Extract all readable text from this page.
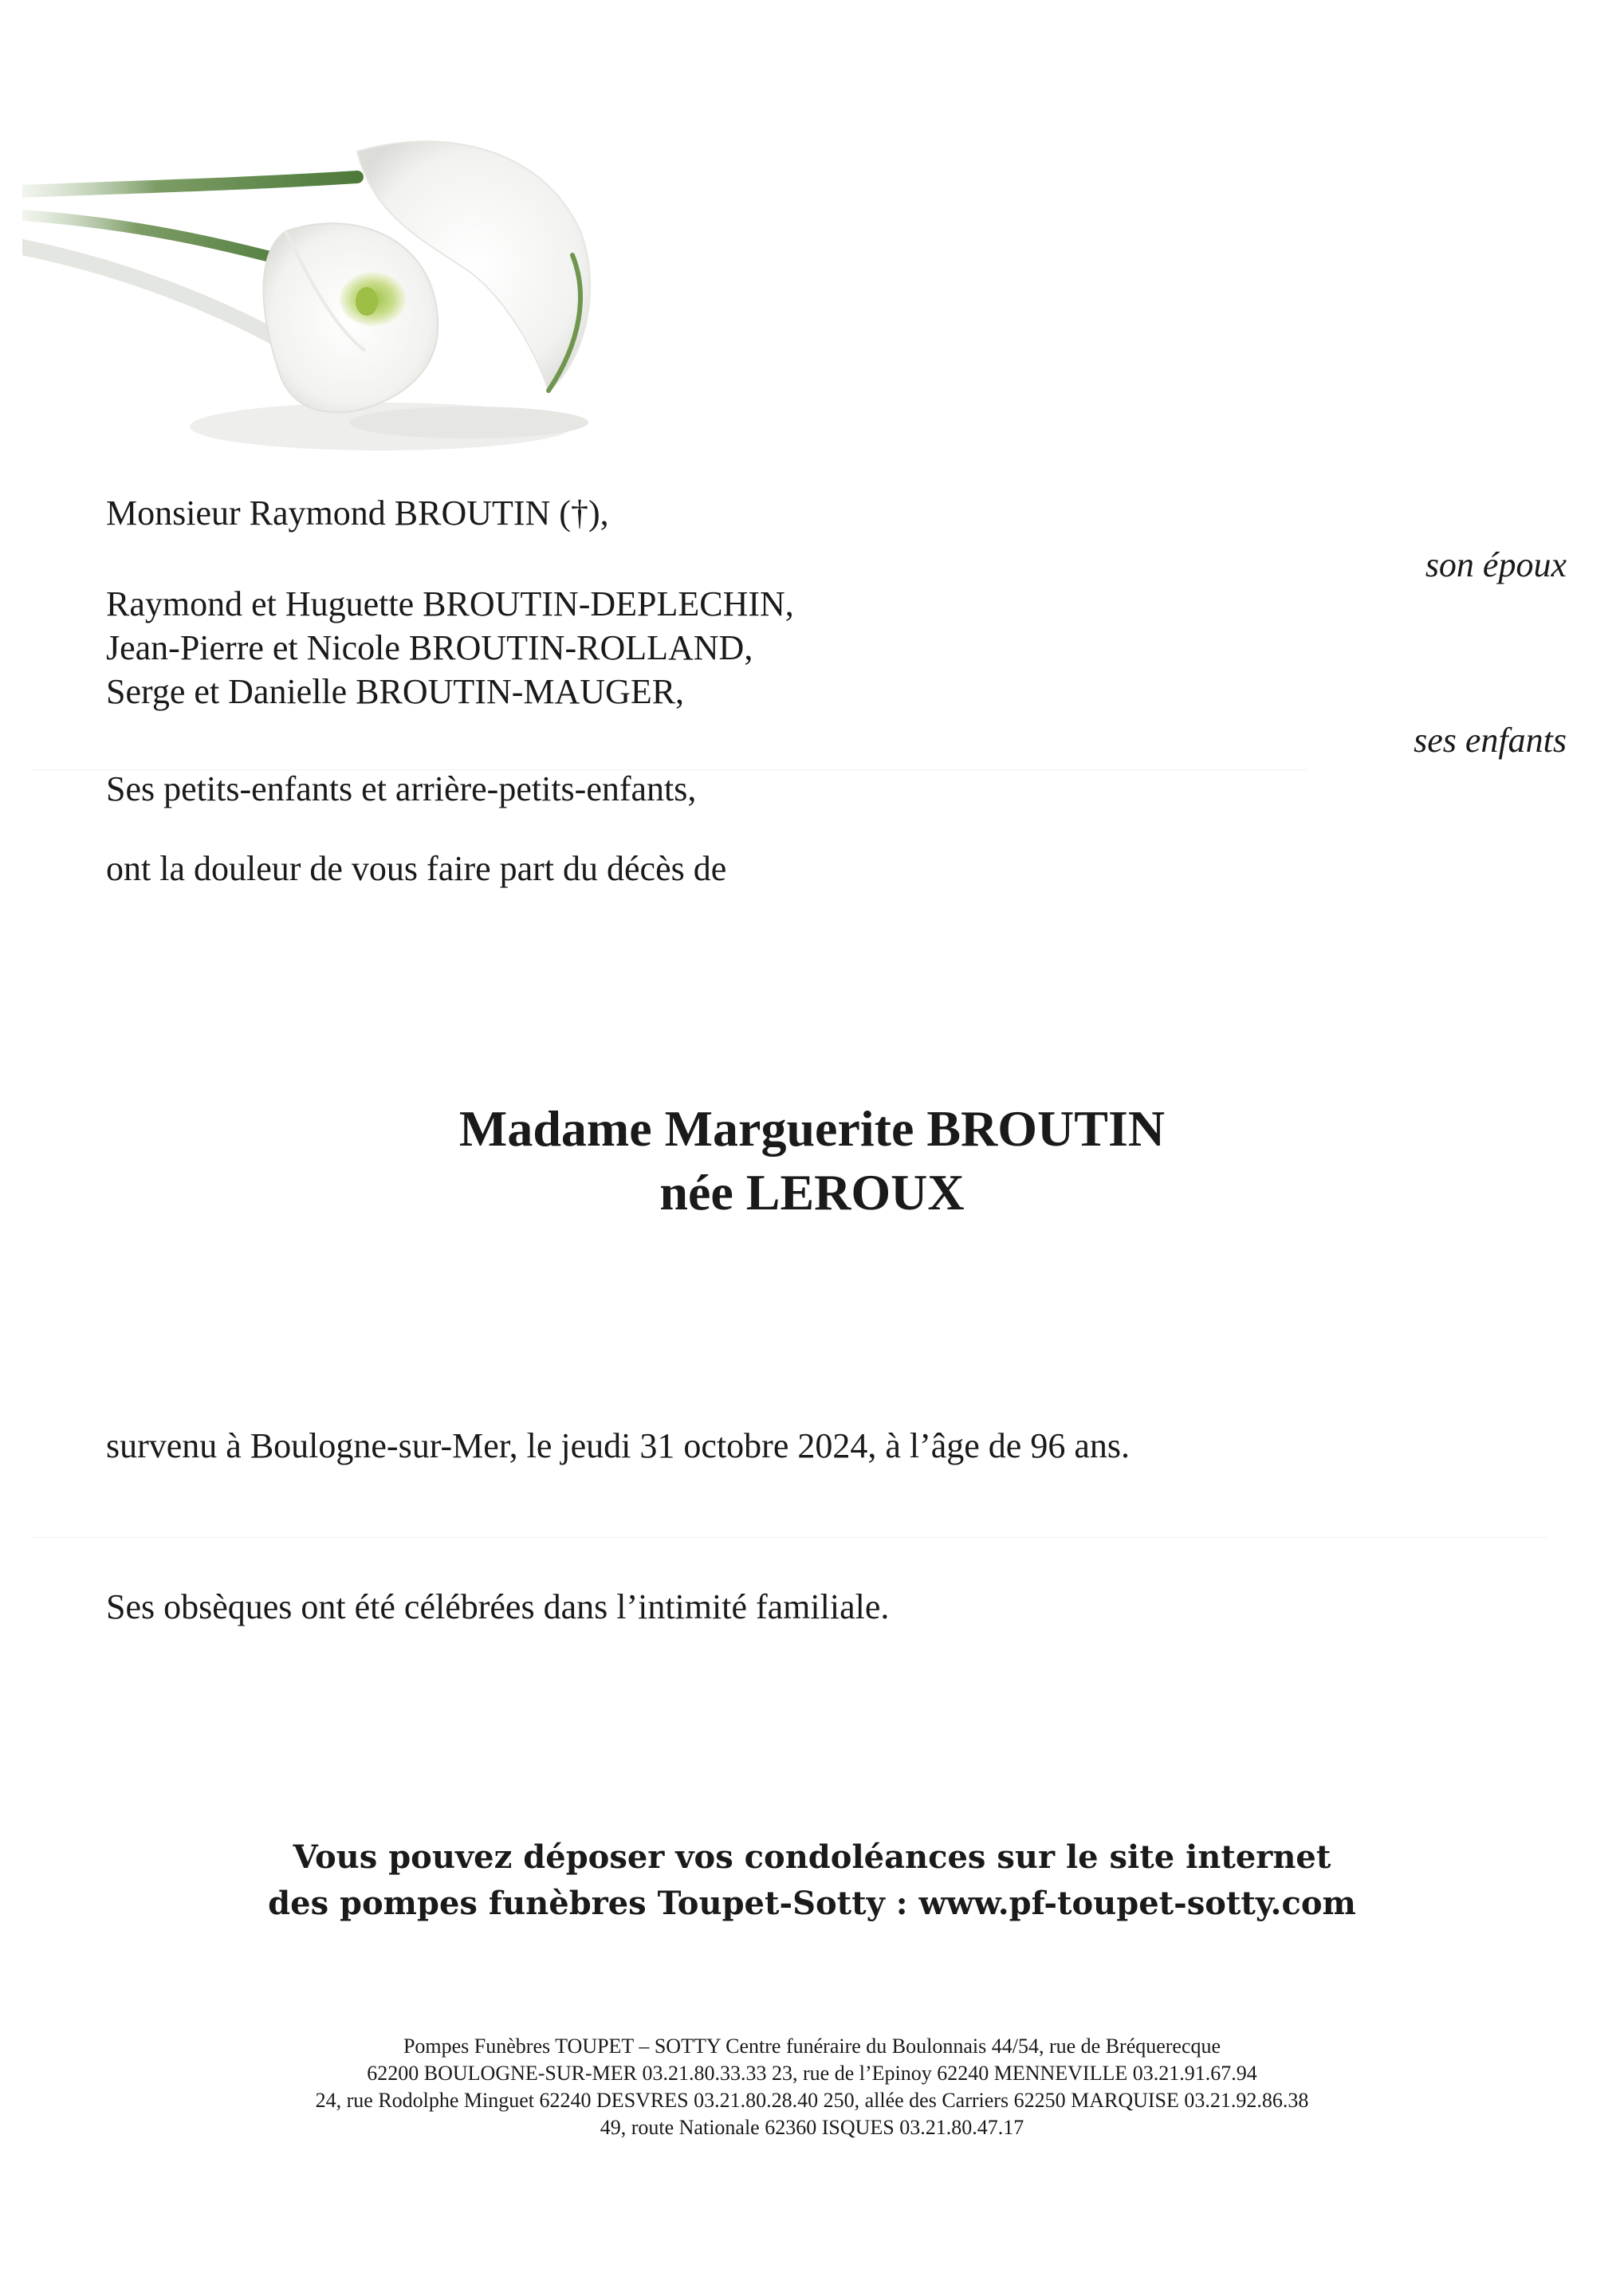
Monsieur Raymond BROUTIN (†),
son époux
Raymond et Huguette BROUTIN-DEPLECHIN,
Jean-Pierre et Nicole BROUTIN-ROLLAND,
Serge et Danielle BROUTIN-MAUGER,
ses enfants
Ses petits-enfants et arrière-petits-enfants,
ont la douleur de vous faire part du décès de
Madame Marguerite BROUTIN
née LEROUX
survenu à Boulogne-sur-Mer, le jeudi 31 octobre 2024, à l’âge de 96 ans.
Ses obsèques ont été célébrées dans l’intimité familiale.
Vous pouvez déposer vos condoléances sur le site internet
des pompes funèbres Toupet-Sotty : www.pf-toupet-sotty.com
Pompes Funèbres TOUPET – SOTTY Centre funéraire du Boulonnais 44/54, rue de Bréquerecque
62200 BOULOGNE-SUR-MER 03.21.80.33.33 23, rue de l’Epinoy 62240 MENNEVILLE 03.21.91.67.94
24, rue Rodolphe Minguet 62240 DESVRES 03.21.80.28.40 250, allée des Carriers 62250 MARQUISE 03.21.92.86.38
49, route Nationale 62360 ISQUES 03.21.80.47.17
